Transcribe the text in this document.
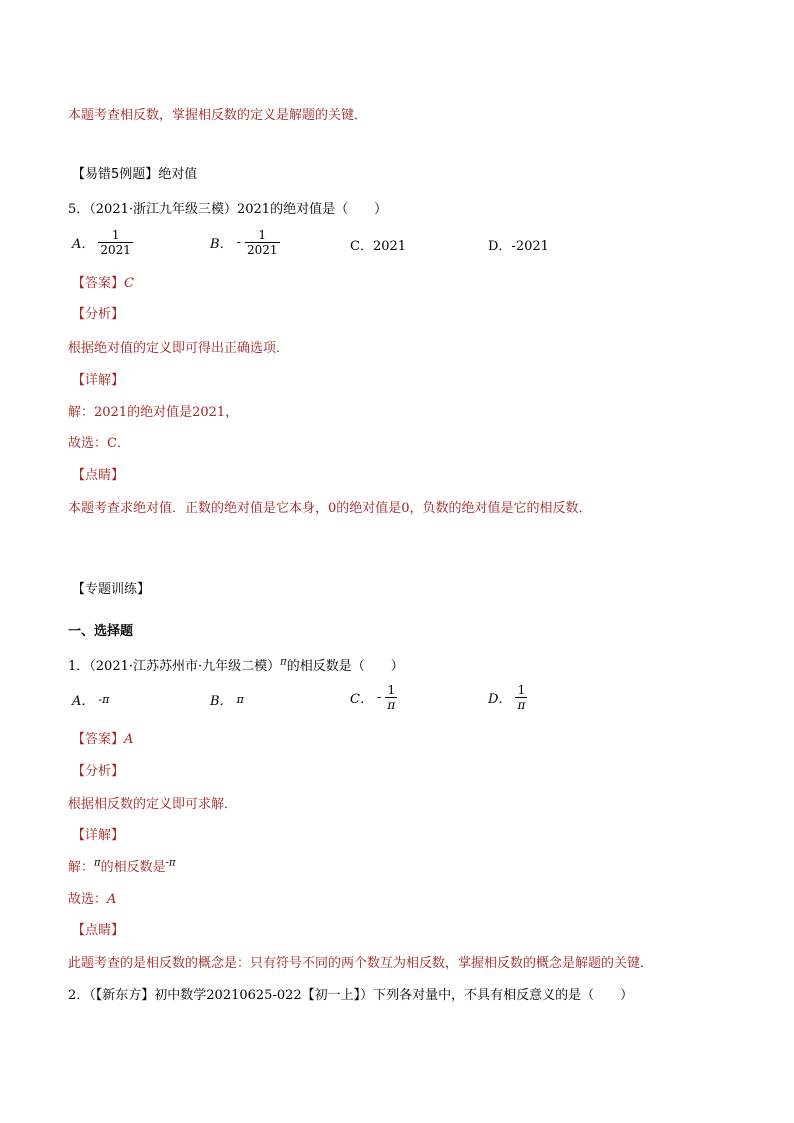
本题考查相反数，掌握相反数的定义是解题的关键．
【易错5例题】绝对值
5．（2021·浙江九年级三模）2021的绝对值是（　　）
A． $\frac{1}{2021}$	B． - $\frac{1}{2021}$	C．2021	D．-2021
【答案】C
【分析】
根据绝对值的定义即可得出正确选项．
【详解】
解：2021的绝对值是2021，
故选：C．
【点睛】
本题考查求绝对值．正数的绝对值是它本身，0的绝对值是0，负数的绝对值是它的相反数．
【专题训练】
一、选择题
1．（2021·江苏苏州市·九年级二模）$^\pi$的相反数是（　　）
A． -π	B． π	C． - $\frac{1}{\pi}$	D． $\frac{1}{\pi}$
【答案】A
【分析】
根据相反数的定义即可求解．
【详解】
解：$^\pi$的相反数是$^{-\pi}$
故选：A
【点睛】
此题考查的是相反数的概念是：只有符号不同的两个数互为相反数，掌握相反数的概念是解题的关键．
2．（【新东方】初中数学20210625-022【初一上】）下列各对量中，不具有相反意义的是（　　）
